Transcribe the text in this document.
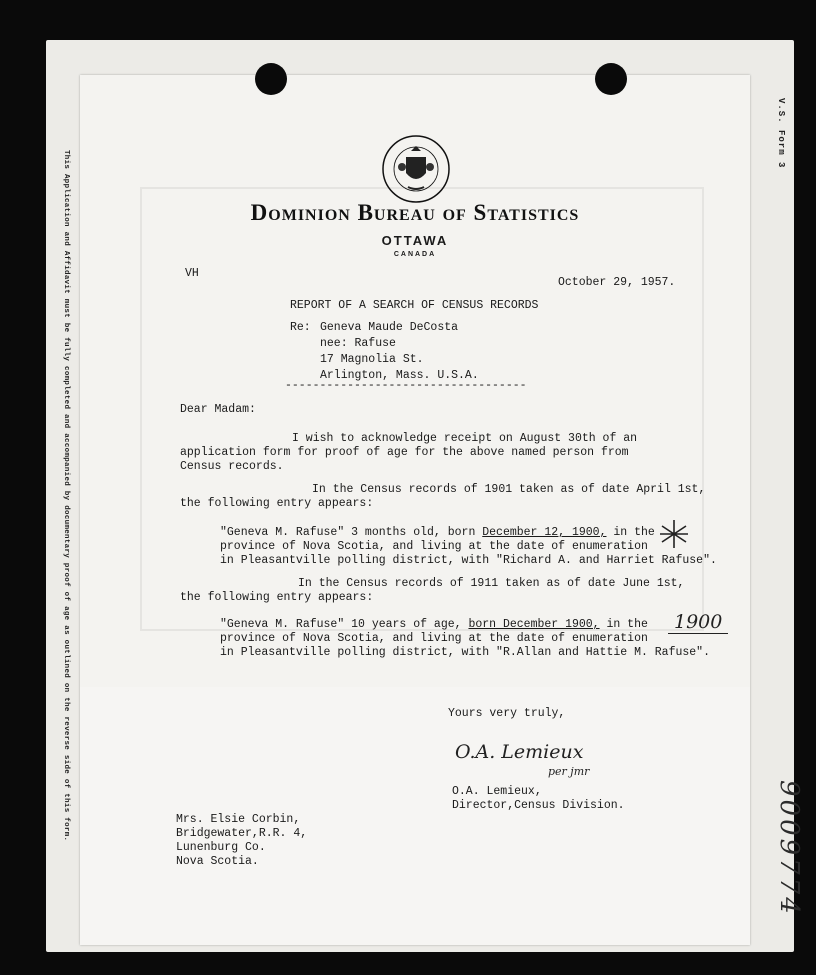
This Application and Affidavit must be fully completed and accompanied by documentary proof of age as outlined on the reverse side of this form.
V.S. Form 3
9009774
Dominion Bureau of Statistics
OTTAWA
CANADA
VH
October 29, 1957.
REPORT OF A SEARCH OF CENSUS RECORDS
Re: Geneva Maude DeCosta
nee: Rafuse
17 Magnolia St.
Arlington, Mass. U.S.A.
-----------------------------------
Dear Madam:
I wish to acknowledge receipt on August 30th of an
application form for proof of age for the above named person from
Census records.
In the Census records of 1901 taken as of date April 1st,
the following entry appears:
"Geneva M. Rafuse" 3 months old, born December 12, 1900, in the
province of Nova Scotia, and living at the date of enumeration
in Pleasantville polling district, with "Richard A. and Harriet Rafuse".
In the Census records of 1911 taken as of date June 1st,
the following entry appears:
"Geneva M. Rafuse" 10 years of age, born December 1900, in the
province of Nova Scotia, and living at the date of enumeration
in Pleasantville polling district, with "R.Allan and Hattie M. Rafuse".
1900
Yours very truly,
O.A. Lemieux
per jmr
O.A. Lemieux,
Director,Census Division.
Mrs. Elsie Corbin,
Bridgewater,R.R. 4,
Lunenburg Co.
Nova Scotia.
